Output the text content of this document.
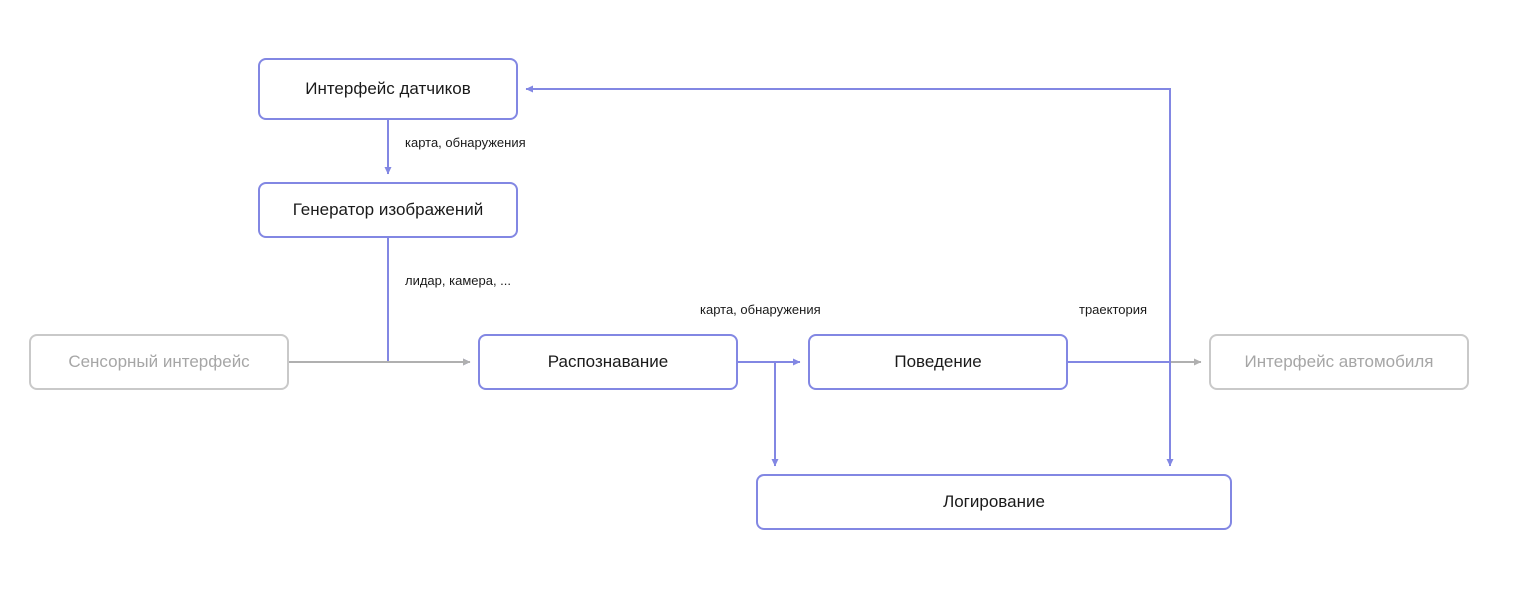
Интерфейс датчиков
Генератор изображений
Сенсорный интерфейс	Распознавание	Поведение	Интерфейс автомобиля
Логирование
карта, обнаружения
лидар, камера, ...
карта, обнаружения	траектория
